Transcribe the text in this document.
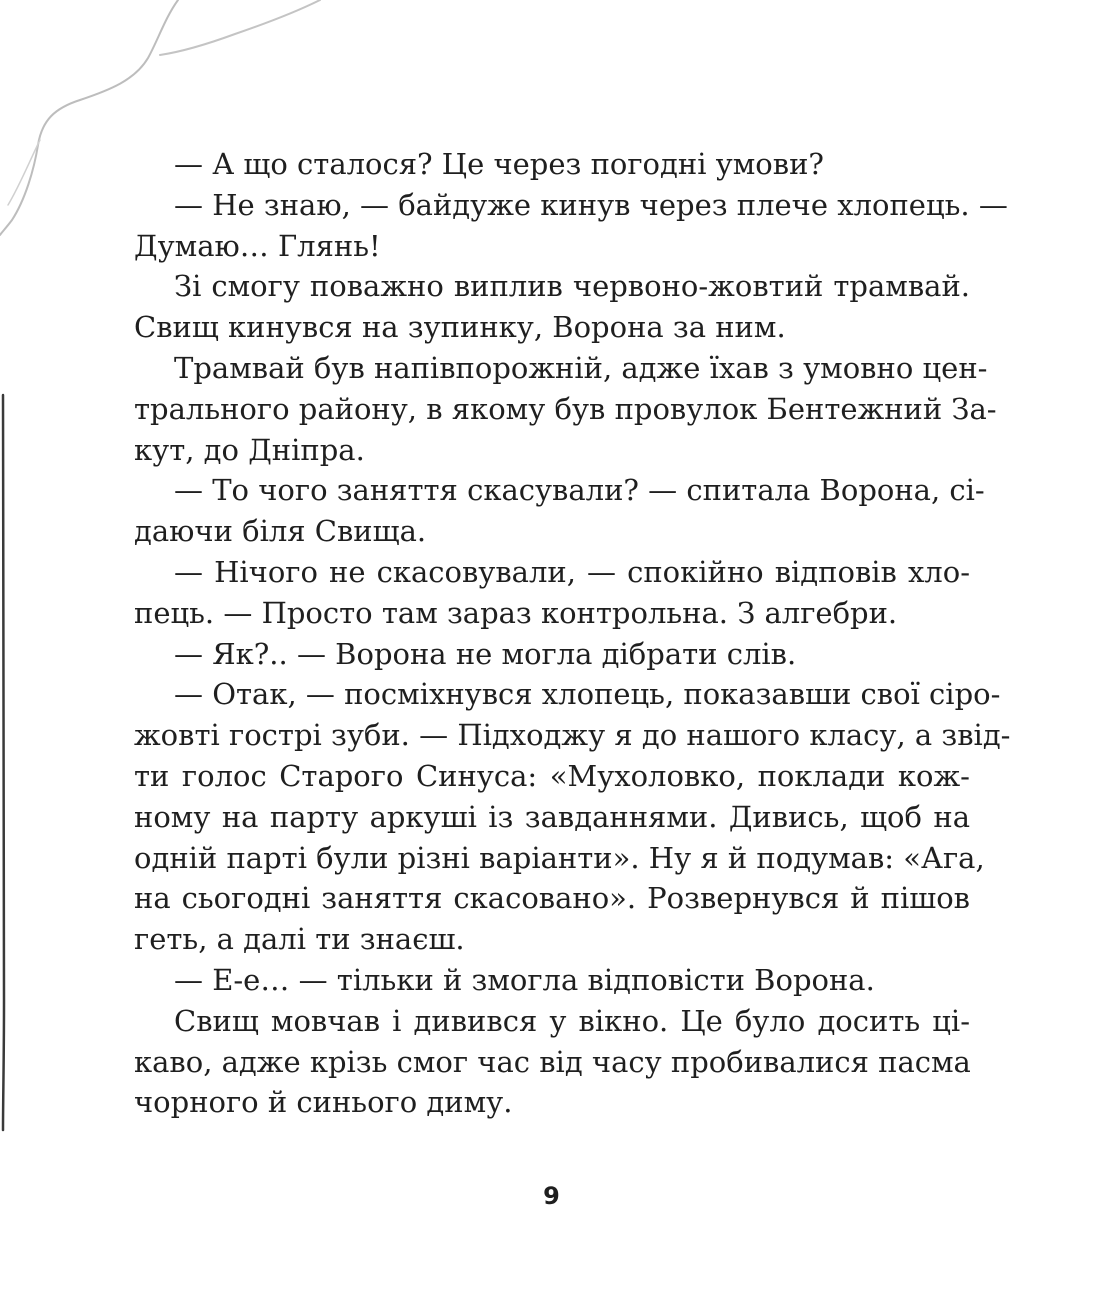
— А що сталося? Це через погодні умови?
— Не знаю, — байдуже кинув через плече хлопець. —
Думаю… Глянь!
Зі смогу поважно виплив червоно-жовтий трамвай.
Свищ кинувся на зупинку, Ворона за ним.
Трамвай був напівпорожній, адже їхав з умовно цен-
трального району, в якому був провулок Бентежний За-
кут, до Дніпра.
— То чого заняття скасували? — спитала Ворона, сі-
даючи біля Свища.
— Нічого не скасовували, — спокійно відповів хло-
пець. — Просто там зараз контрольна. З алгебри.
— Як?.. — Ворона не могла дібрати слів.
— Отак, — посміхнувся хлопець, показавши свої сіро-
жовті гострі зуби. — Підходжу я до нашого класу, а звід-
ти голос Старого Синуса: «Мухоловко, поклади кож-
ному на парту аркуші із завданнями. Дивись, щоб на
одній парті були різні варіанти». Ну я й подумав: «Ага,
на сьогодні заняття скасовано». Розвернувся й пішов
геть, а далі ти знаєш.
— Е-е… — тільки й змогла відповісти Ворона.
Свищ мовчав і дивився у вікно. Це було досить ці-
каво, адже крізь смог час від часу пробивалися пасма
чорного й синього диму.
9
